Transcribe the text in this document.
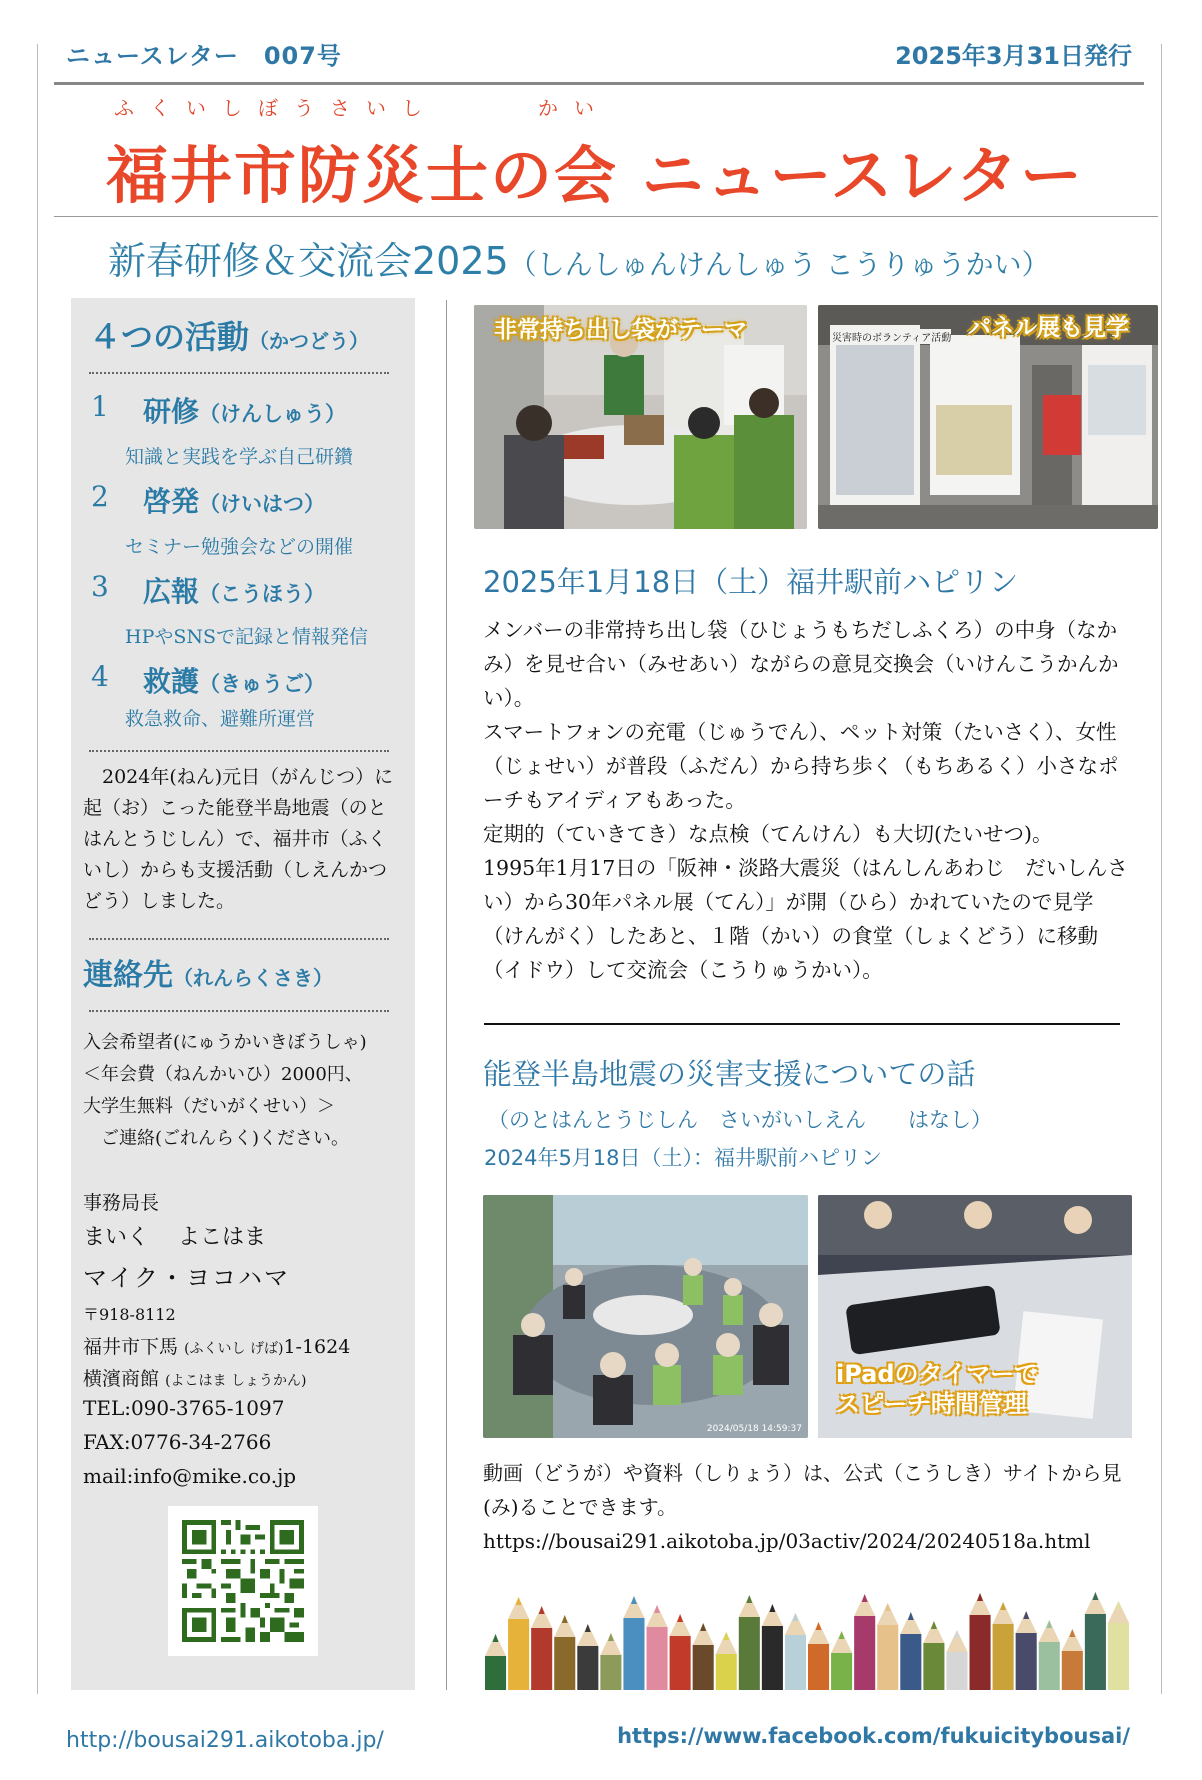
ニュースレター　007号	2025年3月31日発行
ふくいしぼうさいし	かい
福井市防災士の会 ニュースレター
新春研修＆交流会2025（しんしゅんけんしゅう こうりゅうかい）
４つの活動（かつどう）
1 研修（けんしゅう）
知識と実践を学ぶ自己研鑽
2 啓発（けいはつ）
セミナー勉強会などの開催
3 広報（こうほう）
HPやSNSで記録と情報発信
4 救護（きゅうご）
救急救命、避難所運営
　2024年(ねん)元日（がんじつ）に起（お）こった能登半島地震（のとはんとうじしん）で、福井市（ふくいし）からも支援活動（しえんかつどう）しました。
連絡先（れんらくさき）
入会希望者(にゅうかいきぼうしゃ)
＜年会費（ねんかいひ）2000円、
大学生無料（だいがくせい）＞
　ご連絡(ごれんらく)ください。
事務局長
まいく　 よこはま
マイク・ヨコハマ
〒918-8112
福井市下馬 (ふくいし げば)1-1624
横濱商館 (よこはま しょうかん)
TEL:090-3765-1097
FAX:0776-34-2766
mail:info@mike.co.jp
非常持ち出し袋がテーマ	災害時のボランティア活動 パネル展も見学
2025年1月18日（土）福井駅前ハピリン
メンバーの非常持ち出し袋（ひじょうもちだしふくろ）の中身（なかみ）を見せ合い（みせあい）ながらの意見交換会（いけんこうかんかい）。
スマートフォンの充電（じゅうでん）、ペット対策（たいさく）、女性（じょせい）が普段（ふだん）から持ち歩く（もちあるく）小さなポーチもアイディアもあった。
定期的（ていきてき）な点検（てんけん）も大切(たいせつ)。
1995年1月17日の「阪神・淡路大震災（はんしんあわじ　だいしんさい）から30年パネル展（てん）」が開（ひら）かれていたので見学（けんがく）したあと、１階（かい）の食堂（しょくどう）に移動（イドウ）して交流会（こうりゅうかい）。
能登半島地震の災害支援についての話
（のとはんとうじしん　さいがいしえん　　はなし）
2024年5月18日（土）：福井駅前ハピリン
2024/05/18 14:59:37
iPadのタイマーで
スピーチ時間管理
動画（どうが）や資料（しりょう）は、公式（こうしき）サイトから見(み)ることできます。
https://bousai291.aikotoba.jp/03activ/2024/20240518a.html
http://bousai291.aikotoba.jp/	https://www.facebook.com/fukuicitybousai/
